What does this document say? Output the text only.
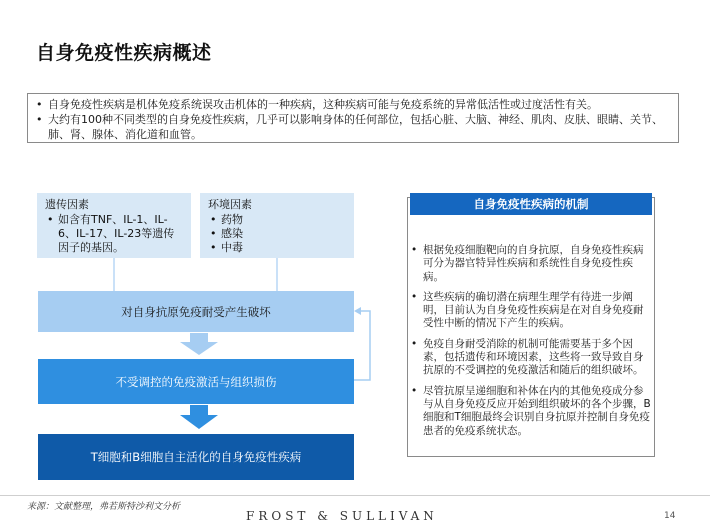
自身免疫性疾病概述
• 自身免疫性疾病是机体免疫系统误攻击机体的一种疾病，这种疾病可能与免疫系统的异常低活性或过度活性有关。
• 大约有100种不同类型的自身免疫性疾病，几乎可以影响身体的任何部位，包括心脏、大脑、神经、肌肉、皮肤、眼睛、关节、肺、肾、腺体、消化道和血管。
遗传因素
• 如含有TNF、IL-1、IL-6、IL-17、IL-23等遗传因子的基因。
环境因素
• 药物
• 感染
• 中毒
对自身抗原免疫耐受产生破坏
不受调控的免疫激活与组织损伤
T细胞和B细胞自主活化的自身免疫性疾病
自身免疫性疾病的机制
• 根据免疫细胞靶向的自身抗原，自身免疫性疾病可分为器官特异性疾病和系统性自身免疫性疾病。
• 这些疾病的确切潜在病理生理学有待进一步阐明，目前认为自身免疫性疾病是在对自身免疫耐受性中断的情况下产生的疾病。
• 免疫自身耐受消除的机制可能需要基于多个因素，包括遗传和环境因素，这些将一致导致自身抗原的不受调控的免疫激活和随后的组织破坏。
• 尽管抗原呈递细胞和补体在内的其他免疫成分参与从自身免疫反应开始到组织破坏的各个步骤，B细胞和T细胞最终会识别自身抗原并控制自身免疫患者的免疫系统状态。
来源：文献整理，弗若斯特沙利文分析
FROST & SULLIVAN	14
